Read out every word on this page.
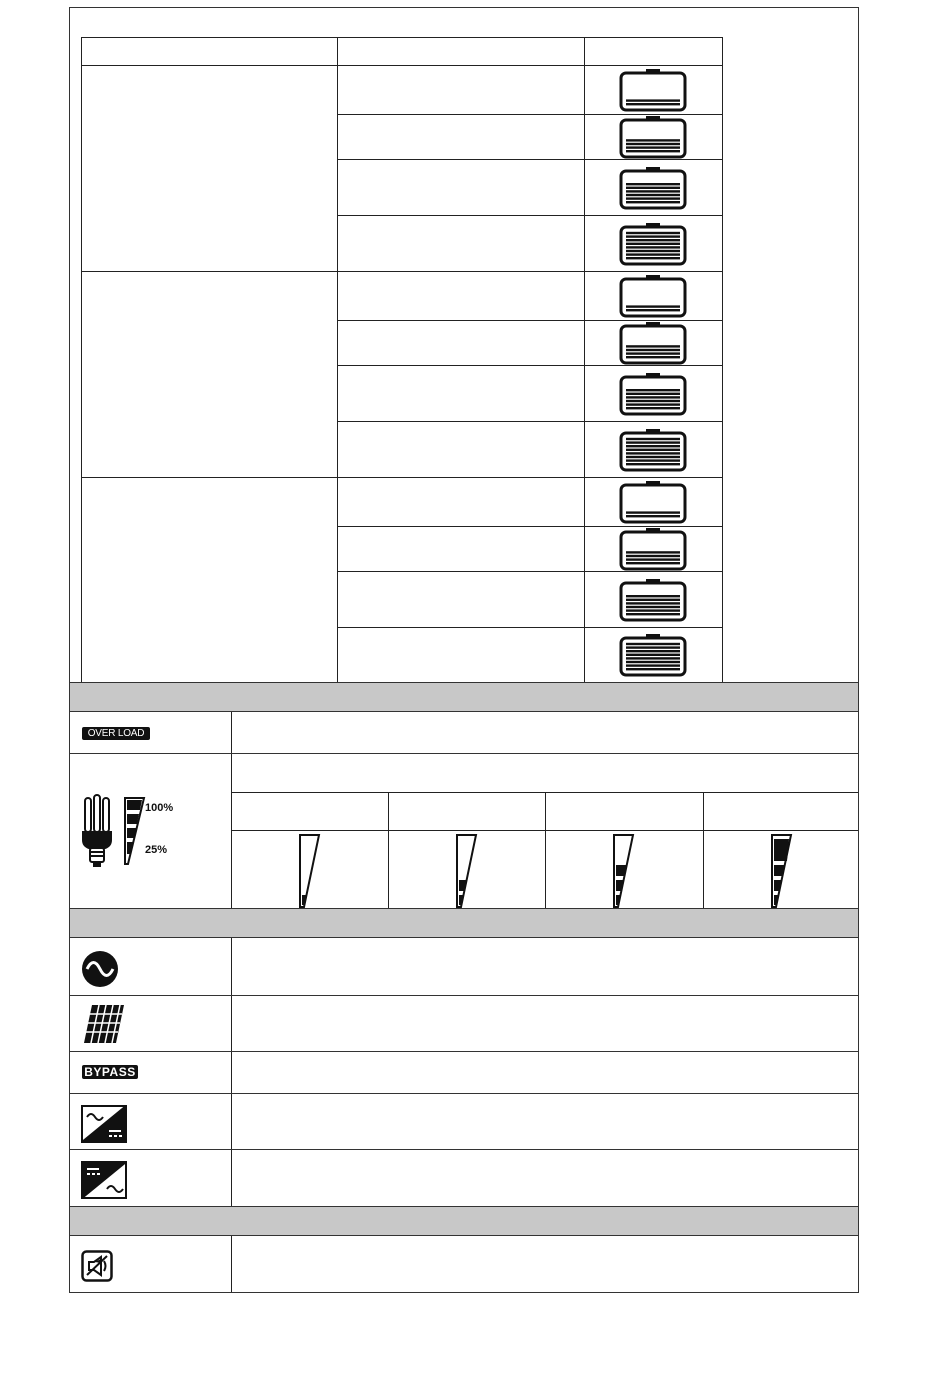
OVER LOAD
100%
25%
BYPASS
